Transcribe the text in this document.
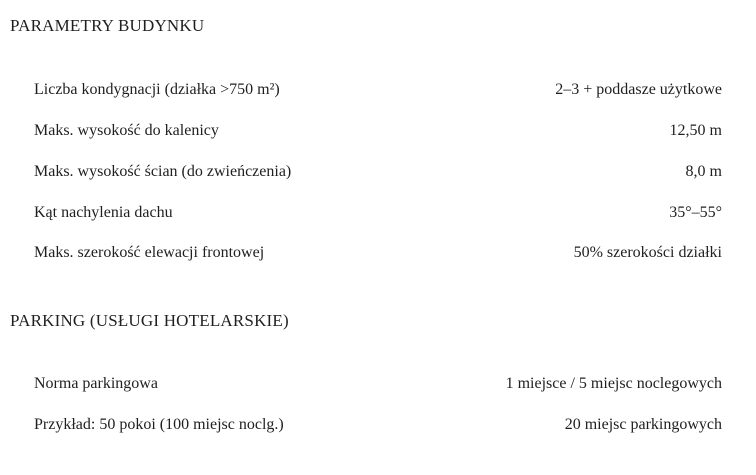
PARAMETRY BUDYNKU
Liczba kondygnacji (działka >750 m²)	2–3 + poddasze użytkowe
Maks. wysokość do kalenicy	12,50 m
Maks. wysokość ścian (do zwieńczenia)	8,0 m
Kąt nachylenia dachu	35°–55°
Maks. szerokość elewacji frontowej	50% szerokości działki
PARKING (USŁUGI HOTELARSKIE)
Norma parkingowa	1 miejsce / 5 miejsc noclegowych
Przykład: 50 pokoi (100 miejsc noclg.)	20 miejsc parkingowych
